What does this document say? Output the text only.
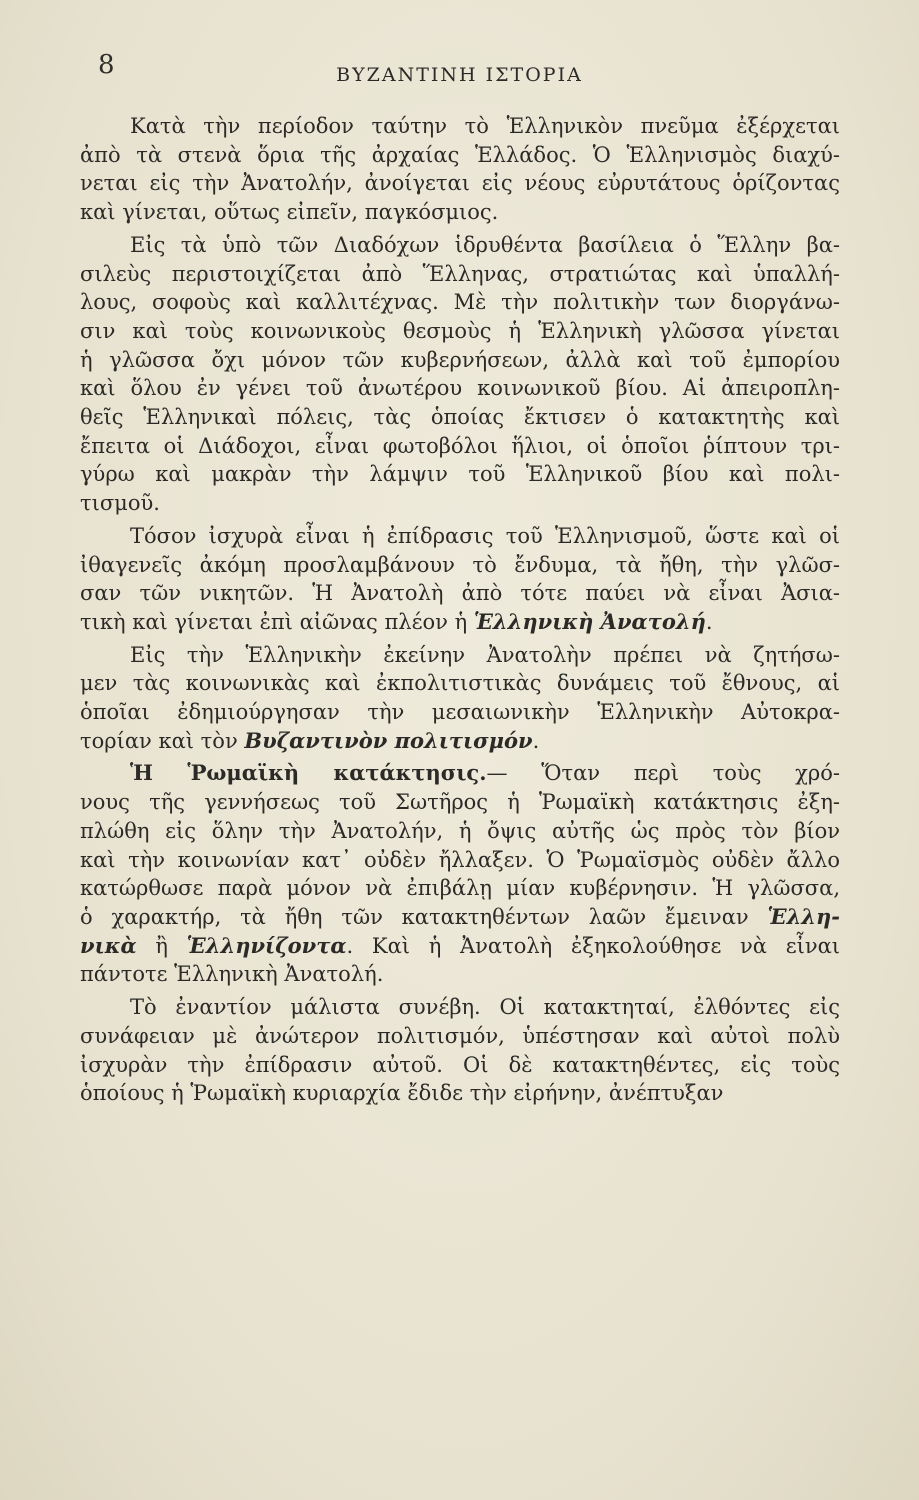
8	ΒΥΖΑΝΤΙΝΗ ΙΣΤΟΡΙΑ
Κατὰ τὴν περίοδον ταύτην τὸ Ἑλληνικὸν πνεῦμα ἐξέρχεται
ἀπὸ τὰ στενὰ ὅρια τῆς ἀρχαίας Ἑλλάδος. Ὁ Ἑλληνισμὸς διαχύ-
νεται εἰς τὴν Ἀνατολήν, ἀνοίγεται εἰς νέους εὐρυτάτους ὁρίζοντας
καὶ γίνεται, οὕτως εἰπεῖν, παγκόσμιος.
Εἰς τὰ ὑπὸ τῶν Διαδόχων ἱδρυθέντα βασίλεια ὁ Ἕλλην βα-
σιλεὺς περιστοιχίζεται ἀπὸ Ἕλληνας, στρατιώτας καὶ ὑπαλλή-
λους, σοφοὺς καὶ καλλιτέχνας. Μὲ τὴν πολιτικὴν των διοργάνω-
σιν καὶ τοὺς κοινωνικοὺς θεσμοὺς ἡ Ἑλληνικὴ γλῶσσα γίνεται
ἡ γλῶσσα ὄχι μόνον τῶν κυβερνήσεων, ἀλλὰ καὶ τοῦ ἐμπορίου
καὶ ὅλου ἐν γένει τοῦ ἀνωτέρου κοινωνικοῦ βίου. Αἱ ἀπειροπλη-
θεῖς Ἑλληνικαὶ πόλεις, τὰς ὁποίας ἔκτισεν ὁ κατακτητὴς καὶ
ἔπειτα οἱ Διάδοχοι, εἶναι φωτοβόλοι ἥλιοι, οἱ ὁποῖοι ῥίπτουν τρι-
γύρω καὶ μακρὰν τὴν λάμψιν τοῦ Ἑλληνικοῦ βίου καὶ πολι-
τισμοῦ.
Τόσον ἰσχυρὰ εἶναι ἡ ἐπίδρασις τοῦ Ἑλληνισμοῦ, ὥστε καὶ οἱ
ἰθαγενεῖς ἀκόμη προσλαμβάνουν τὸ ἔνδυμα, τὰ ἤθη, τὴν γλῶσ-
σαν τῶν νικητῶν. Ἡ Ἀνατολὴ ἀπὸ τότε παύει νὰ εἶναι Ἀσια-
τικὴ καὶ γίνεται ἐπὶ αἰῶνας πλέον ἡ Ἑλληνικὴ Ἀνατολή.
Εἰς τὴν Ἑλληνικὴν ἐκείνην Ἀνατολὴν πρέπει νὰ ζητήσω-
μεν τὰς κοινωνικὰς καὶ ἐκπολιτιστικὰς δυνάμεις τοῦ ἔθνους, αἱ
ὁποῖαι ἐδημιούργησαν τὴν μεσαιωνικὴν Ἑλληνικὴν Αὐτοκρα-
τορίαν καὶ τὸν Βυζαντινὸν πολιτισμόν.
Ἡ Ῥωμαϊκὴ κατάκτησις.— Ὅταν περὶ τοὺς χρό-
νους τῆς γεννήσεως τοῦ Σωτῆρος ἡ Ῥωμαϊκὴ κατάκτησις ἐξη-
πλώθη εἰς ὅλην τὴν Ἀνατολήν, ἡ ὄψις αὐτῆς ὡς πρὸς τὸν βίον
καὶ τὴν κοινωνίαν κατ᾽ οὐδὲν ἤλλαξεν. Ὁ Ῥωμαϊσμὸς οὐδὲν ἄλλο
κατώρθωσε παρὰ μόνον νὰ ἐπιβάλῃ μίαν κυβέρνησιν. Ἡ γλῶσσα,
ὁ χαρακτήρ, τὰ ἤθη τῶν κατακτηθέντων λαῶν ἔμειναν Ἑλλη-
νικὰ ἢ Ἑλληνίζοντα. Καὶ ἡ Ἀνατολὴ ἐξηκολούθησε νὰ εἶναι
πάντοτε Ἑλληνικὴ Ἀνατολή.
Τὸ ἐναντίον μάλιστα συνέβη. Οἱ κατακτηταί, ἐλθόντες εἰς
συνάφειαν μὲ ἀνώτερον πολιτισμόν, ὑπέστησαν καὶ αὐτοὶ πολὺ
ἰσχυρὰν τὴν ἐπίδρασιν αὐτοῦ. Οἱ δὲ κατακτηθέντες, εἰς τοὺς
ὁποίους ἡ Ῥωμαϊκὴ κυριαρχία ἔδιδε τὴν εἰρήνην, ἀνέπτυξαν
